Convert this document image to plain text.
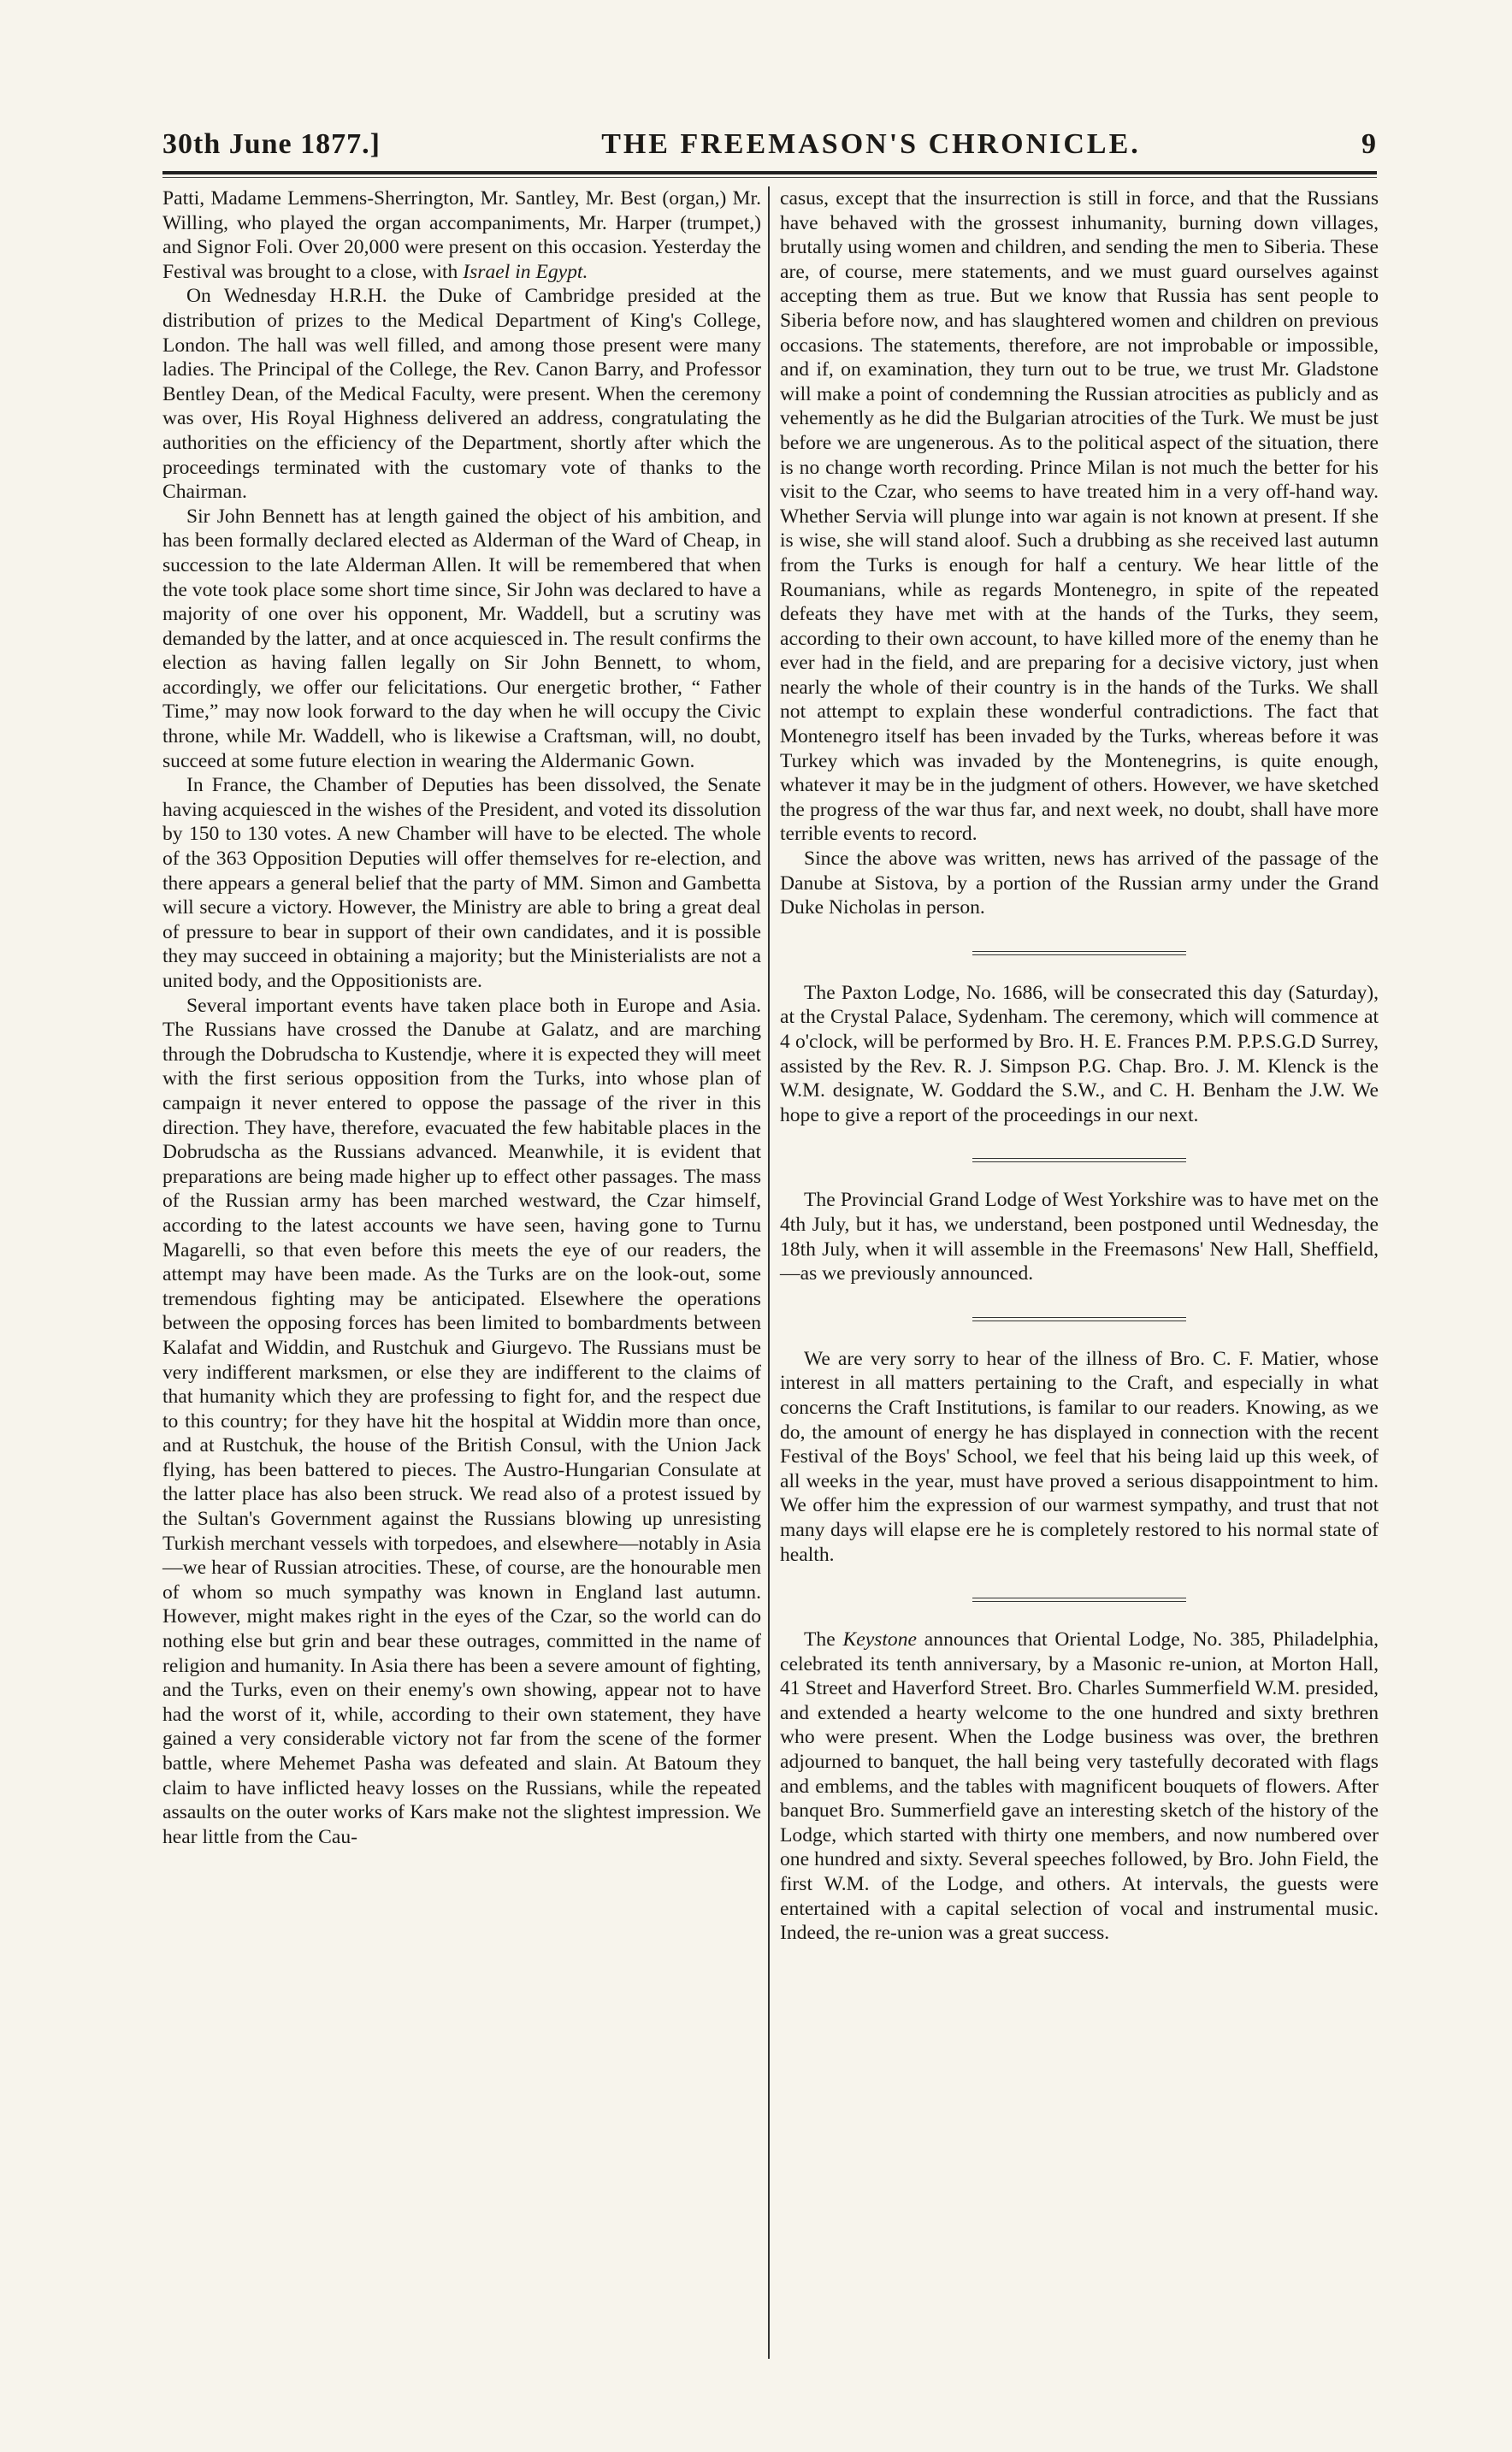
30th June 1877.]	THE FREEMASON'S CHRONICLE.	9

Patti, Madame Lemmens-Sherrington, Mr. Santley, Mr. Best (organ,) Mr. Willing, who played the organ accompaniments, Mr. Harper (trumpet,) and Signor Foli. Over 20,000 were present on this occasion. Yesterday the Festival was brought to a close, with Israel in Egypt.

On Wednesday H.R.H. the Duke of Cambridge presided at the distribution of prizes to the Medical Department of King's College, London. The hall was well filled, and among those present were many ladies. The Principal of the College, the Rev. Canon Barry, and Professor Bentley Dean, of the Medical Faculty, were present. When the ceremony was over, His Royal Highness delivered an address, congratulating the authorities on the efficiency of the Department, shortly after which the proceedings terminated with the customary vote of thanks to the Chairman.

Sir John Bennett has at length gained the object of his ambition, and has been formally declared elected as Alderman of the Ward of Cheap, in succession to the late Alderman Allen. It will be remembered that when the vote took place some short time since, Sir John was declared to have a majority of one over his opponent, Mr. Waddell, but a scrutiny was demanded by the latter, and at once acquiesced in. The result confirms the election as having fallen legally on Sir John Bennett, to whom, accordingly, we offer our felicitations. Our energetic brother, “ Father Time,” may now look forward to the day when he will occupy the Civic throne, while Mr. Waddell, who is likewise a Craftsman, will, no doubt, succeed at some future election in wearing the Aldermanic Gown.

In France, the Chamber of Deputies has been dissolved, the Senate having acquiesced in the wishes of the President, and voted its dissolution by 150 to 130 votes. A new Chamber will have to be elected. The whole of the 363 Opposition Deputies will offer themselves for re-election, and there appears a general belief that the party of MM. Simon and Gambetta will secure a victory. However, the Ministry are able to bring a great deal of pressure to bear in support of their own candidates, and it is possible they may succeed in obtaining a majority; but the Ministerialists are not a united body, and the Oppositionists are.

Several important events have taken place both in Europe and Asia. The Russians have crossed the Danube at Galatz, and are marching through the Dobrudscha to Kustendje, where it is expected they will meet with the first serious opposition from the Turks, into whose plan of campaign it never entered to oppose the passage of the river in this direction. They have, therefore, evacuated the few habitable places in the Dobrudscha as the Russians advanced. Meanwhile, it is evident that preparations are being made higher up to effect other passages. The mass of the Russian army has been marched westward, the Czar himself, according to the latest accounts we have seen, having gone to Turnu Magarelli, so that even before this meets the eye of our readers, the attempt may have been made. As the Turks are on the look-out, some tremendous fighting may be anticipated. Elsewhere the operations between the opposing forces has been limited to bombardments between Kalafat and Widdin, and Rustchuk and Giurgevo. The Russians must be very indifferent marksmen, or else they are indifferent to the claims of that humanity which they are professing to fight for, and the respect due to this country; for they have hit the hospital at Widdin more than once, and at Rustchuk, the house of the British Consul, with the Union Jack flying, has been battered to pieces. The Austro-Hungarian Consulate at the latter place has also been struck. We read also of a protest issued by the Sultan's Government against the Russians blowing up unresisting Turkish merchant vessels with torpedoes, and elsewhere—notably in Asia—we hear of Russian atrocities. These, of course, are the honourable men of whom so much sympathy was known in England last autumn. However, might makes right in the eyes of the Czar, so the world can do nothing else but grin and bear these outrages, committed in the name of religion and humanity. In Asia there has been a severe amount of fighting, and the Turks, even on their enemy's own showing, appear not to have had the worst of it, while, according to their own statement, they have gained a very considerable victory not far from the scene of the former battle, where Mehemet Pasha was defeated and slain. At Batoum they claim to have inflicted heavy losses on the Russians, while the repeated assaults on the outer works of Kars make not the slightest impression. We hear little from the Cau-

casus, except that the insurrection is still in force, and that the Russians have behaved with the grossest inhumanity, burning down villages, brutally using women and children, and sending the men to Siberia. These are, of course, mere statements, and we must guard ourselves against accepting them as true. But we know that Russia has sent people to Siberia before now, and has slaughtered women and children on previous occasions. The statements, therefore, are not improbable or impossible, and if, on examination, they turn out to be true, we trust Mr. Gladstone will make a point of condemning the Russian atrocities as publicly and as vehemently as he did the Bulgarian atrocities of the Turk. We must be just before we are ungenerous. As to the political aspect of the situation, there is no change worth recording. Prince Milan is not much the better for his visit to the Czar, who seems to have treated him in a very off-hand way. Whether Servia will plunge into war again is not known at present. If she is wise, she will stand aloof. Such a drubbing as she received last autumn from the Turks is enough for half a century. We hear little of the Roumanians, while as regards Montenegro, in spite of the repeated defeats they have met with at the hands of the Turks, they seem, according to their own account, to have killed more of the enemy than he ever had in the field, and are preparing for a decisive victory, just when nearly the whole of their country is in the hands of the Turks. We shall not attempt to explain these wonderful contradictions. The fact that Montenegro itself has been invaded by the Turks, whereas before it was Turkey which was invaded by the Montenegrins, is quite enough, whatever it may be in the judgment of others. However, we have sketched the progress of the war thus far, and next week, no doubt, shall have more terrible events to record.

Since the above was written, news has arrived of the passage of the Danube at Sistova, by a portion of the Russian army under the Grand Duke Nicholas in person.

The Paxton Lodge, No. 1686, will be consecrated this day (Saturday), at the Crystal Palace, Sydenham. The ceremony, which will commence at 4 o'clock, will be performed by Bro. H. E. Frances P.M. P.P.S.G.D Surrey, assisted by the Rev. R. J. Simpson P.G. Chap. Bro. J. M. Klenck is the W.M. designate, W. Goddard the S.W., and C. H. Benham the J.W. We hope to give a report of the proceedings in our next.

The Provincial Grand Lodge of West Yorkshire was to have met on the 4th July, but it has, we understand, been postponed until Wednesday, the 18th July, when it will assemble in the Freemasons' New Hall, Sheffield,—as we previously announced.

We are very sorry to hear of the illness of Bro. C. F. Matier, whose interest in all matters pertaining to the Craft, and especially in what concerns the Craft Institutions, is familar to our readers. Knowing, as we do, the amount of energy he has displayed in connection with the recent Festival of the Boys' School, we feel that his being laid up this week, of all weeks in the year, must have proved a serious disappointment to him. We offer him the expression of our warmest sympathy, and trust that not many days will elapse ere he is completely restored to his normal state of health.

The Keystone announces that Oriental Lodge, No. 385, Philadelphia, celebrated its tenth anniversary, by a Masonic re-union, at Morton Hall, 41 Street and Haverford Street. Bro. Charles Summerfield W.M. presided, and extended a hearty welcome to the one hundred and sixty brethren who were present. When the Lodge business was over, the brethren adjourned to banquet, the hall being very tastefully decorated with flags and emblems, and the tables with magnificent bouquets of flowers. After banquet Bro. Summerfield gave an interesting sketch of the history of the Lodge, which started with thirty one members, and now numbered over one hundred and sixty. Several speeches followed, by Bro. John Field, the first W.M. of the Lodge, and others. At intervals, the guests were entertained with a capital selection of vocal and instrumental music. Indeed, the re-union was a great success.
